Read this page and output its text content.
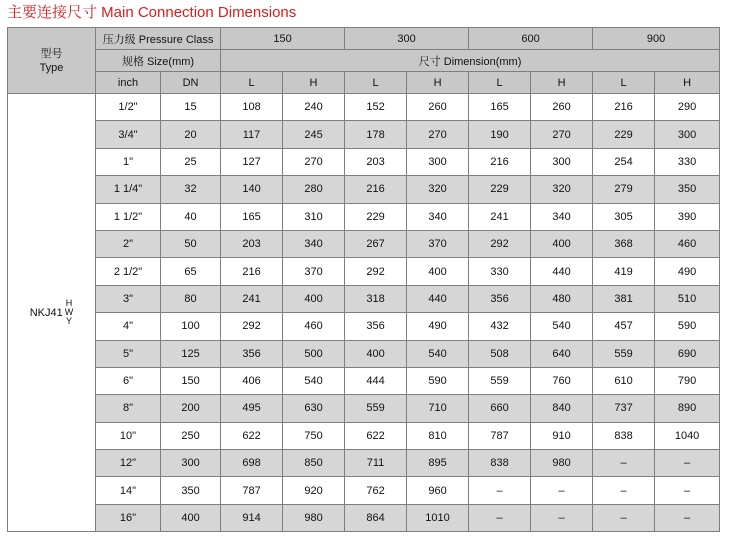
主要连接尺寸 Main Connection Dimensions
型号
Type	压力级 Pressure Class		150		300		600		900	
	规格 Size(mm)		尺寸 Dimension(mm)							
	inch	DN	L	H	L	H	L	H	L	H

NKJ41
H
W
Y	1/2"	15	108	240	152	260	165	260	216	290
	3/4"	20	117	245	178	270	190	270	229	300
	1"	25	127	270	203	300	216	300	254	330
	1 1/4"	32	140	280	216	320	229	320	279	350
	1 1/2"	40	165	310	229	340	241	340	305	390
	2"	50	203	340	267	370	292	400	368	460
	2 1/2"	65	216	370	292	400	330	440	419	490
	3"	80	241	400	318	440	356	480	381	510
	4"	100	292	460	356	490	432	540	457	590
	5"	125	356	500	400	540	508	640	559	690
	6"	150	406	540	444	590	559	760	610	790
	8"	200	495	630	559	710	660	840	737	890
	10"	250	622	750	622	810	787	910	838	1040
	12"	300	698	850	711	895	838	980	–	–
	14"	350	787	920	762	960	–	–	–	–
	16"	400	914	980	864	1010	–	–	–	–
